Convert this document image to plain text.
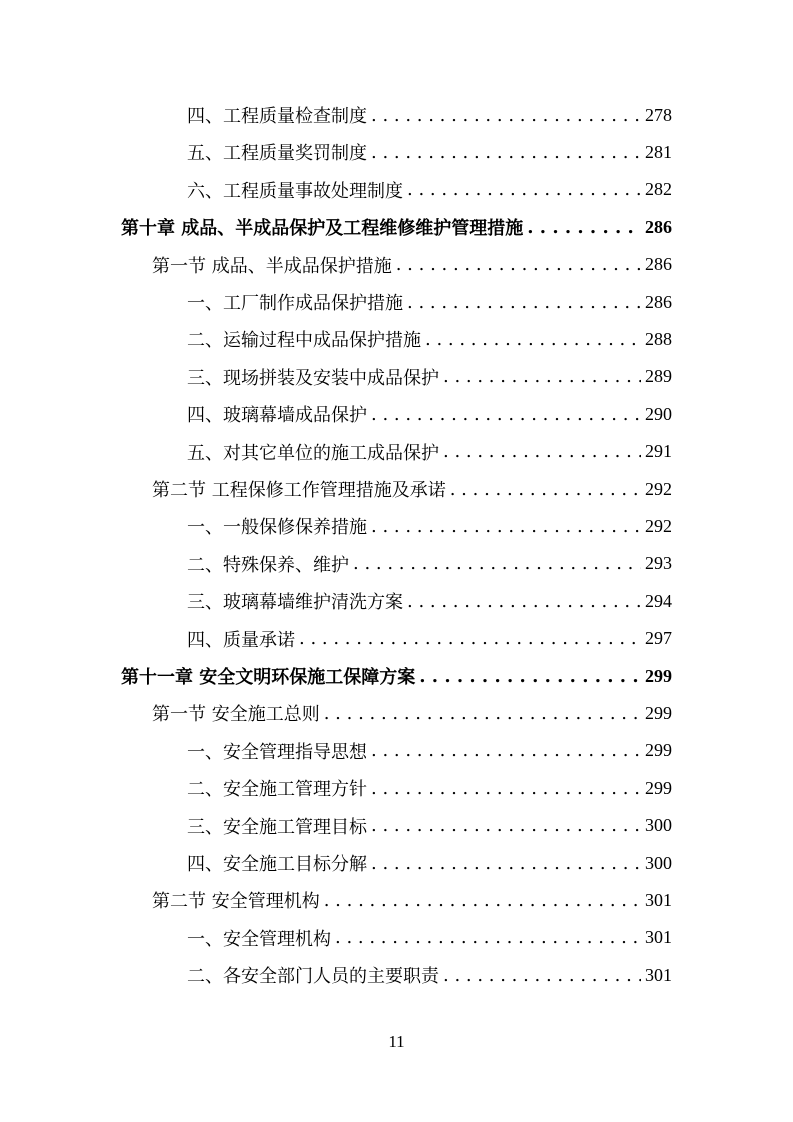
四、工程质量检查制度 . . .	278
五、工程质量奖罚制度 . . .	281
六、工程质量事故处理制度 . . .	282
第十章 成品、半成品保护及工程维修维护管理措施 . . .	286
第一节 成品、半成品保护措施 . . .	286
一、工厂制作成品保护措施 . . .	286
二、运输过程中成品保护措施 . . .	288
三、现场拼装及安装中成品保护 . . .	289
四、玻璃幕墙成品保护 . . .	290
五、对其它单位的施工成品保护 . . .	291
第二节 工程保修工作管理措施及承诺 . . .	292
一、一般保修保养措施 . . .	292
二、特殊保养、维护 . . .	293
三、玻璃幕墙维护清洗方案 . . .	294
四、质量承诺 . . .	297
第十一章 安全文明环保施工保障方案 . . .	299
第一节 安全施工总则 . . .	299
一、安全管理指导思想 . . .	299
二、安全施工管理方针 . . .	299
三、安全施工管理目标 . . .	300
四、安全施工目标分解 . . .	300
第二节 安全管理机构 . . .	301
一、安全管理机构 . . .	301
二、各安全部门人员的主要职责 . . .	301
11
